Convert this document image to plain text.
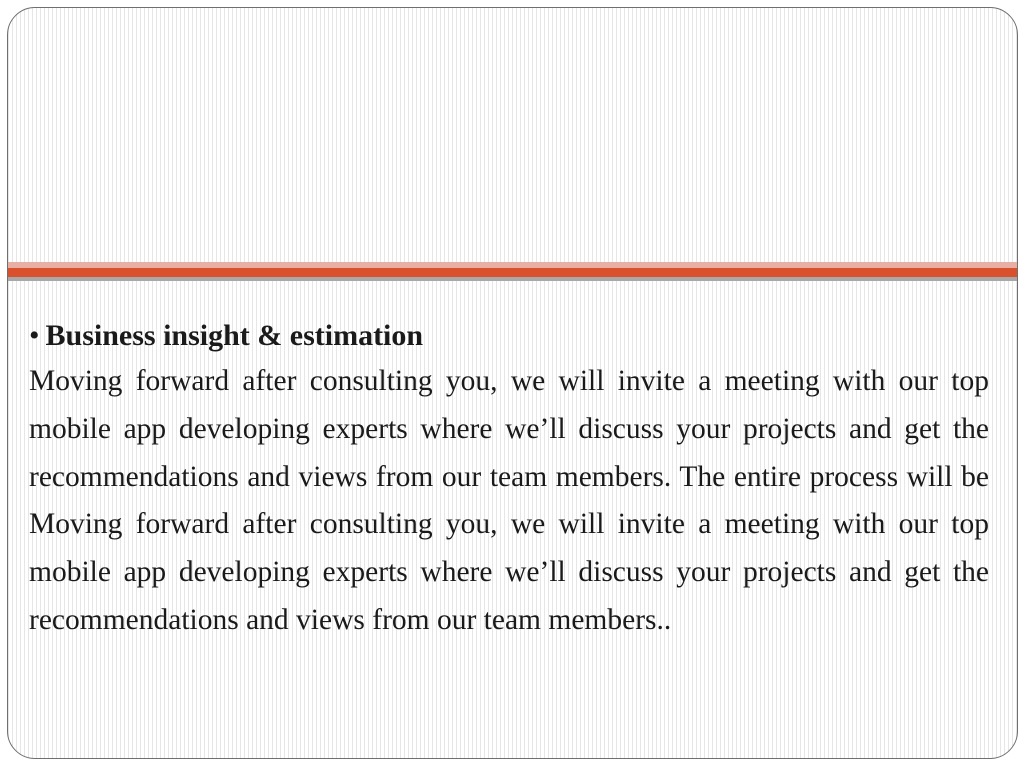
• Business insight & estimation

Moving forward after consulting you, we will invite a meeting with our top mobile app developing experts where we’ll discuss your projects and get the recommendations and views from our team members. The entire process will be Moving forward after consulting you, we will invite a meeting with our top mobile app developing experts where we’ll discuss your projects and get the recommendations and views from our team members..
